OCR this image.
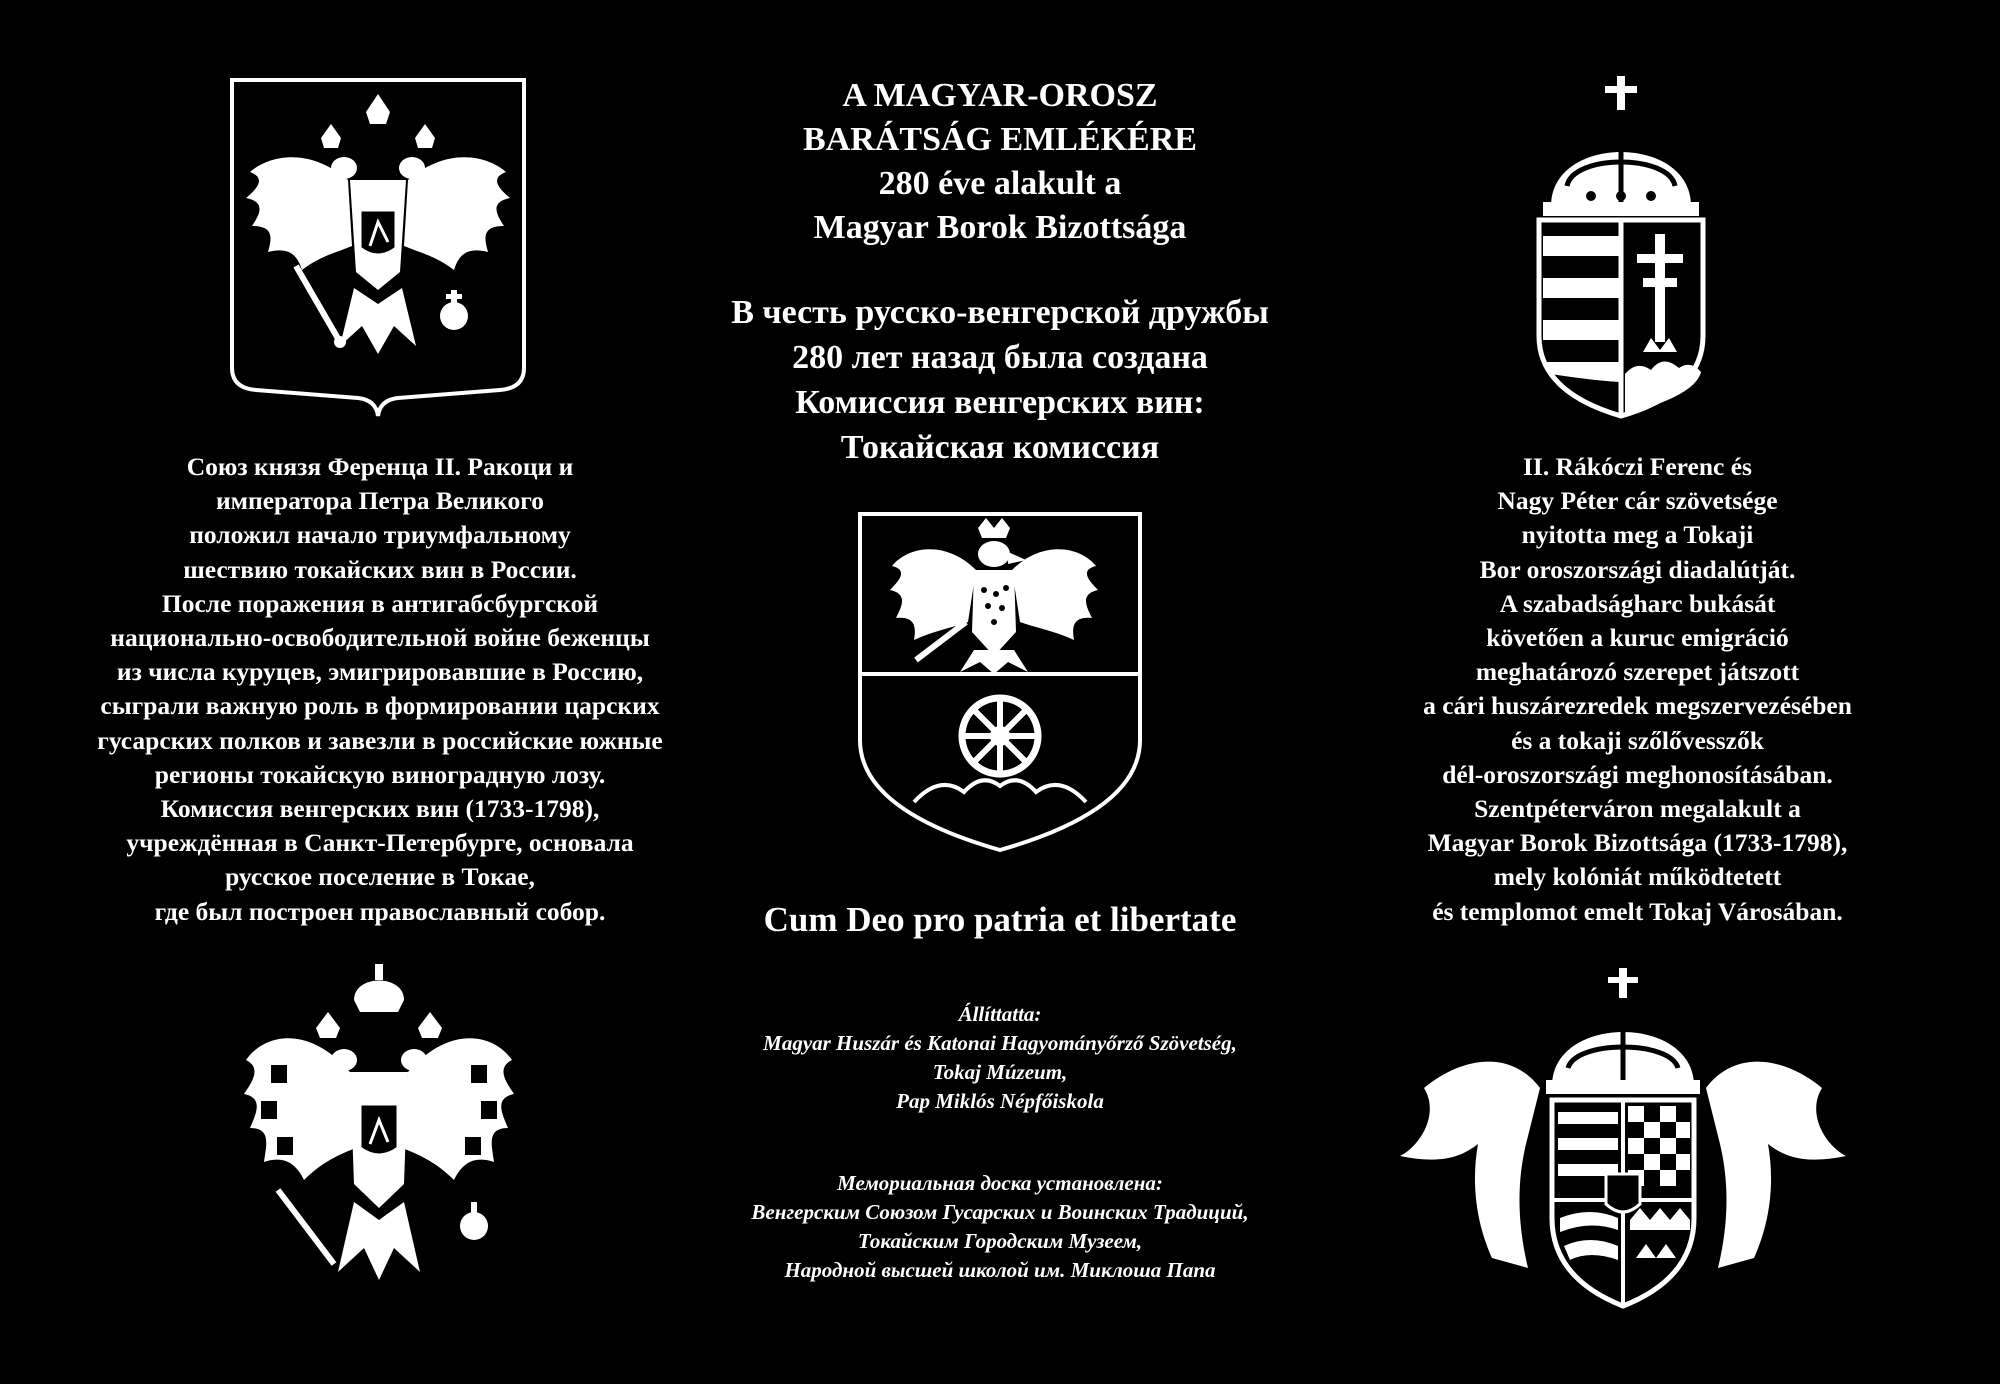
A MAGYAR-OROSZ
BARÁTSÁG EMLÉKÉRE
280 éve alakult a
Magyar Borok Bizottsága
В честь русско-венгерской дружбы
280 лет назад была создана
Комиссия венгерских вин:
Токайская комиссия
Союз князя Ференца II. Ракоци и
императора Петра Великого
положил начало триумфальному
шествию токайских вин в России.
После поражения в антигабсбургской
национально-освободительной войне беженцы
из числа куруцев, эмигрировавшие в Россию,
сыграли важную роль в формировании царских
гусарских полков и завезли в российские южные
регионы токайскую виноградную лозу.
Комиссия венгерских вин (1733-1798),
учреждённая в Санкт-Петербурге, основала
русское поселение в Токае,
где был построен православный собор.
II. Rákóczi Ferenc és
Nagy Péter cár szövetsége
nyitotta meg a Tokaji
Bor oroszországi diadalútját.
A szabadságharc bukását
követően a kuruc emigráció
meghatározó szerepet játszott
a cári huszárezredek megszervezésében
és a tokaji szőlővesszők
dél-oroszországi meghonosításában.
Szentpéterváron megalakult a
Magyar Borok Bizottsága (1733-1798),
mely kolóniát működtetett
és templomot emelt Tokaj Városában.
Cum Deo pro patria et libertate
Állíttatta:
Magyar Huszár és Katonai Hagyományőrző Szövetség,
Tokaj Múzeum,
Pap Miklós Népfőiskola
Мемориальная доска установлена:
Венгерским Союзом Гусарских и Воинских Традиций,
Токайским Городским Музеем,
Народной высшей школой им. Миклоша Папа
